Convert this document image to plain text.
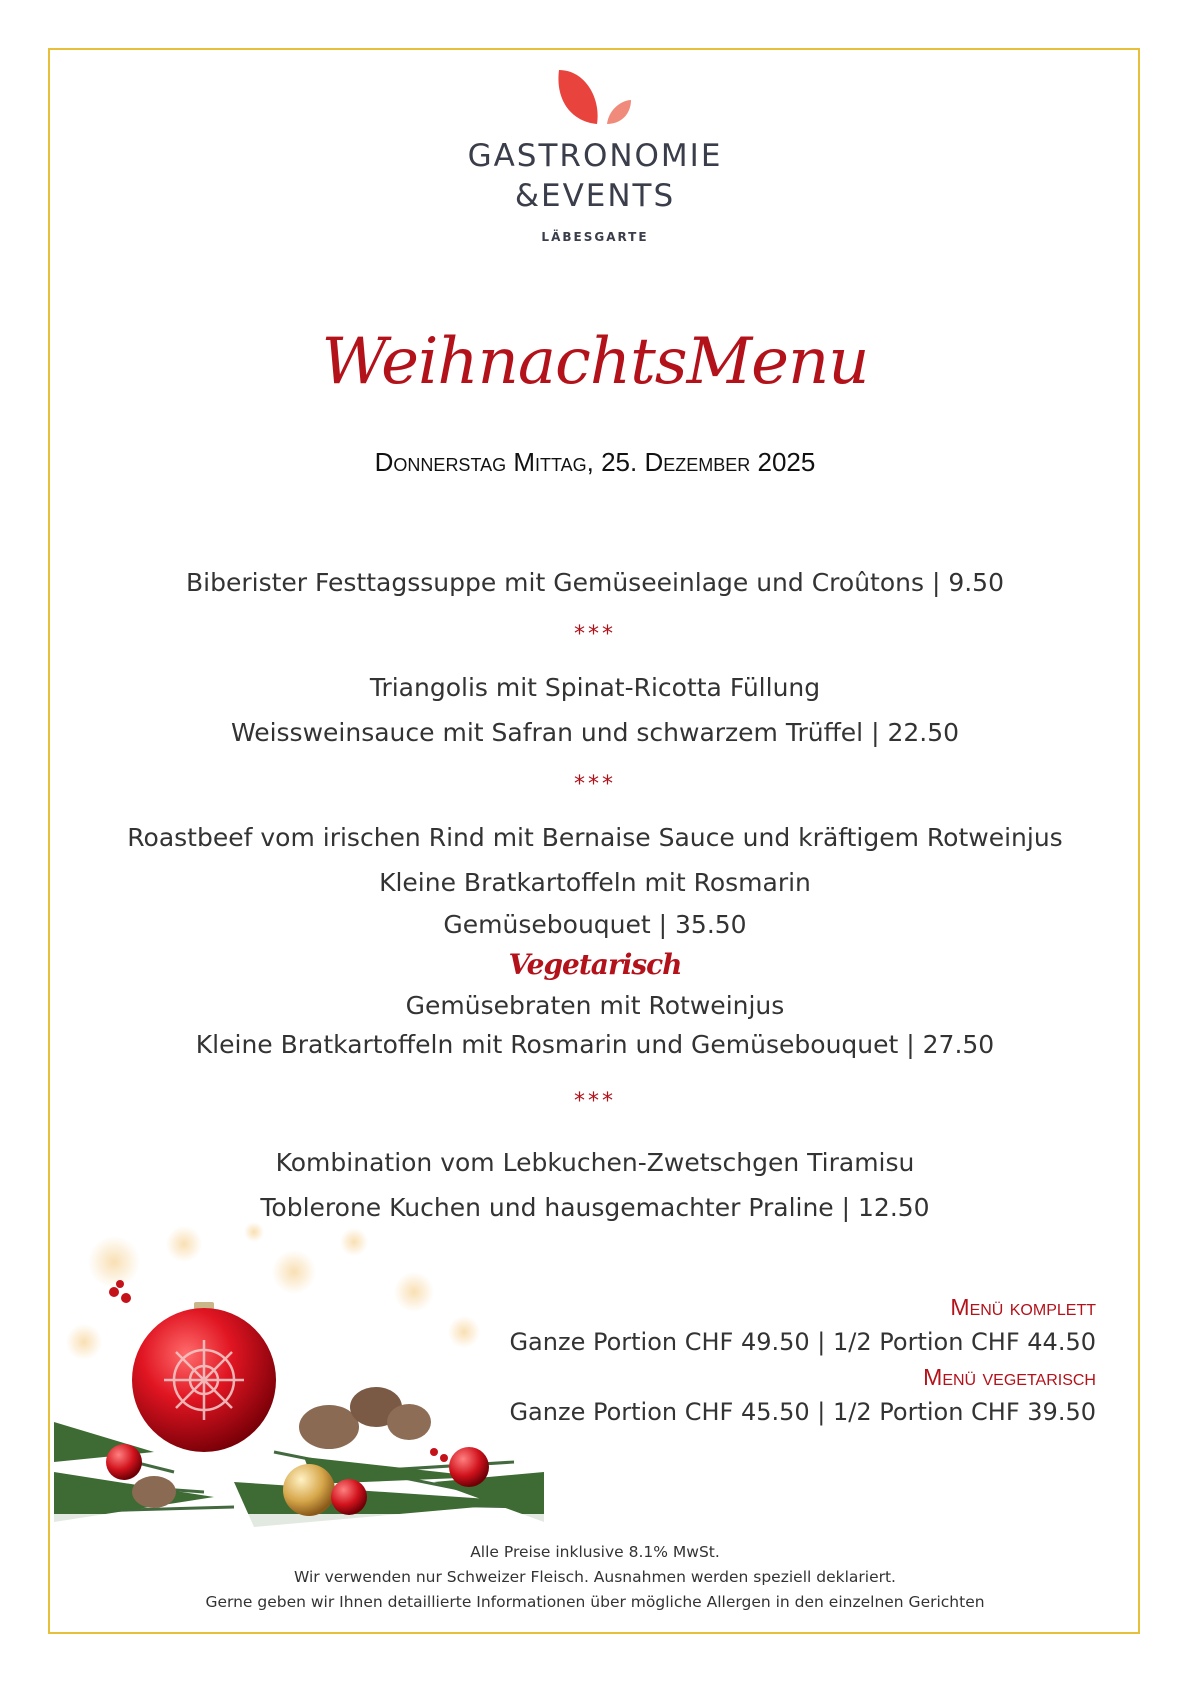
GASTRONOMIE
&EVENTS
LÄBESGARTE
WeihnachtsMenu
Donnerstag Mittag, 25. Dezember 2025
Biberister Festtagssuppe mit Gemüseeinlage und Croûtons | 9.50
***
Triangolis mit Spinat-Ricotta Füllung
Weissweinsauce mit Safran und schwarzem Trüffel | 22.50
***
Roastbeef vom irischen Rind mit Bernaise Sauce und kräftigem Rotweinjus
Kleine Bratkartoffeln mit Rosmarin
Gemüsebouquet | 35.50
Vegetarisch
Gemüsebraten mit Rotweinjus
Kleine Bratkartoffeln mit Rosmarin und Gemüsebouquet | 27.50
***
Kombination vom Lebkuchen-Zwetschgen Tiramisu
Toblerone Kuchen und hausgemachter Praline | 12.50
Menü komplett
Ganze Portion CHF 49.50 | 1/2 Portion CHF 44.50
Menü vegetarisch
Ganze Portion CHF 45.50 | 1/2 Portion CHF 39.50
Alle Preise inklusive 8.1% MwSt.
Wir verwenden nur Schweizer Fleisch. Ausnahmen werden speziell deklariert.
Gerne geben wir Ihnen detaillierte Informationen über mögliche Allergen in den einzelnen Gerichten
